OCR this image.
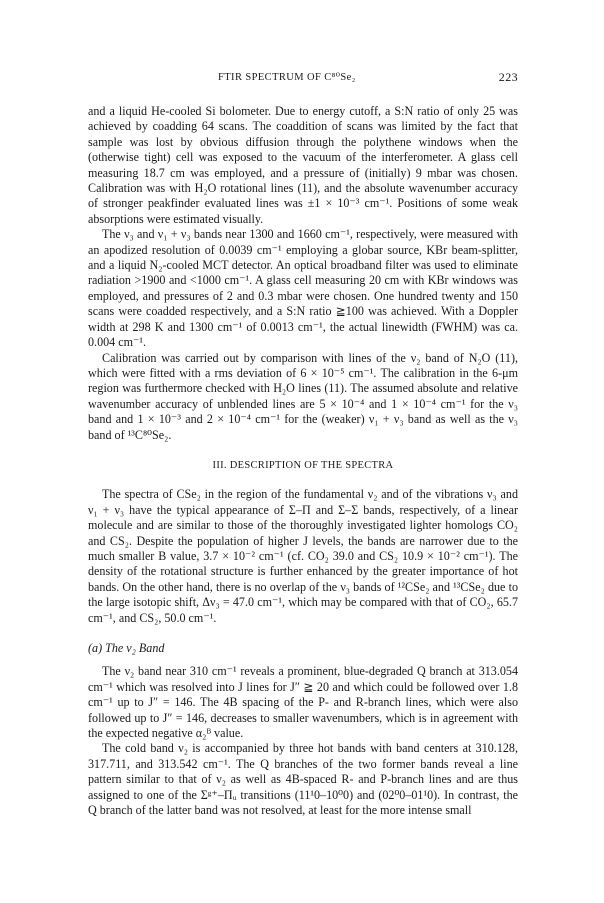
FTIR SPECTRUM OF C⁸⁰Se₂	223

and a liquid He-cooled Si bolometer. Due to energy cutoff, a S:N ratio of only 25 was achieved by coadding 64 scans. The coaddition of scans was limited by the fact that sample was lost by obvious diffusion through the polythene windows when the (otherwise tight) cell was exposed to the vacuum of the interferometer. A glass cell measuring 18.7 cm was employed, and a pressure of (initially) 9 mbar was chosen. Calibration was with H₂O rotational lines (11), and the absolute wavenumber accuracy of stronger peakfinder evaluated lines was ±1 × 10⁻³ cm⁻¹. Positions of some weak absorptions were estimated visually.

The ν₃ and ν₁ + ν₃ bands near 1300 and 1660 cm⁻¹, respectively, were measured with an apodized resolution of 0.0039 cm⁻¹ employing a globar source, KBr beam-splitter, and a liquid N₂-cooled MCT detector. An optical broadband filter was used to eliminate radiation >1900 and <1000 cm⁻¹. A glass cell measuring 20 cm with KBr windows was employed, and pressures of 2 and 0.3 mbar were chosen. One hundred twenty and 150 scans were coadded respectively, and a S:N ratio ≧100 was achieved. With a Doppler width at 298 K and 1300 cm⁻¹ of 0.0013 cm⁻¹, the actual linewidth (FWHM) was ca. 0.004 cm⁻¹.

Calibration was carried out by comparison with lines of the ν₂ band of N₂O (11), which were fitted with a rms deviation of 6 × 10⁻⁵ cm⁻¹. The calibration in the 6-μm region was furthermore checked with H₂O lines (11). The assumed absolute and relative wavenumber accuracy of unblended lines are 5 × 10⁻⁴ and 1 × 10⁻⁴ cm⁻¹ for the ν₃ band and 1 × 10⁻³ and 2 × 10⁻⁴ cm⁻¹ for the (weaker) ν₁ + ν₃ band as well as the ν₃ band of ¹³C⁸⁰Se₂.

III. DESCRIPTION OF THE SPECTRA

The spectra of CSe₂ in the region of the fundamental ν₂ and of the vibrations ν₃ and ν₁ + ν₃ have the typical appearance of Σ–Π and Σ–Σ bands, respectively, of a linear molecule and are similar to those of the thoroughly investigated lighter homologs CO₂ and CS₂. Despite the population of higher J levels, the bands are narrower due to the much smaller B value, 3.7 × 10⁻² cm⁻¹ (cf. CO₂ 39.0 and CS₂ 10.9 × 10⁻² cm⁻¹). The density of the rotational structure is further enhanced by the greater importance of hot bands. On the other hand, there is no overlap of the ν₃ bands of ¹²CSe₂ and ¹³CSe₂ due to the large isotopic shift, Δν₃ = 47.0 cm⁻¹, which may be compared with that of CO₂, 65.7 cm⁻¹, and CS₂, 50.0 cm⁻¹.

(a) The ν₂ Band

The ν₂ band near 310 cm⁻¹ reveals a prominent, blue-degraded Q branch at 313.054 cm⁻¹ which was resolved into J lines for J″ ≧ 20 and which could be followed over 1.8 cm⁻¹ up to J″ = 146. The 4B spacing of the P- and R-branch lines, which were also followed up to J″ = 146, decreases to smaller wavenumbers, which is in agreement with the expected negative α₂ᴮ value.

The cold band ν₂ is accompanied by three hot bands with band centers at 310.128, 317.711, and 313.542 cm⁻¹. The Q branches of the two former bands reveal a line pattern similar to that of ν₂ as well as 4B-spaced R- and P-branch lines and are thus assigned to one of the Σᵍ⁺–Πᵤ transitions (11¹0–10⁰0) and (02⁰0–01¹0). In contrast, the Q branch of the latter band was not resolved, at least for the more intense small
